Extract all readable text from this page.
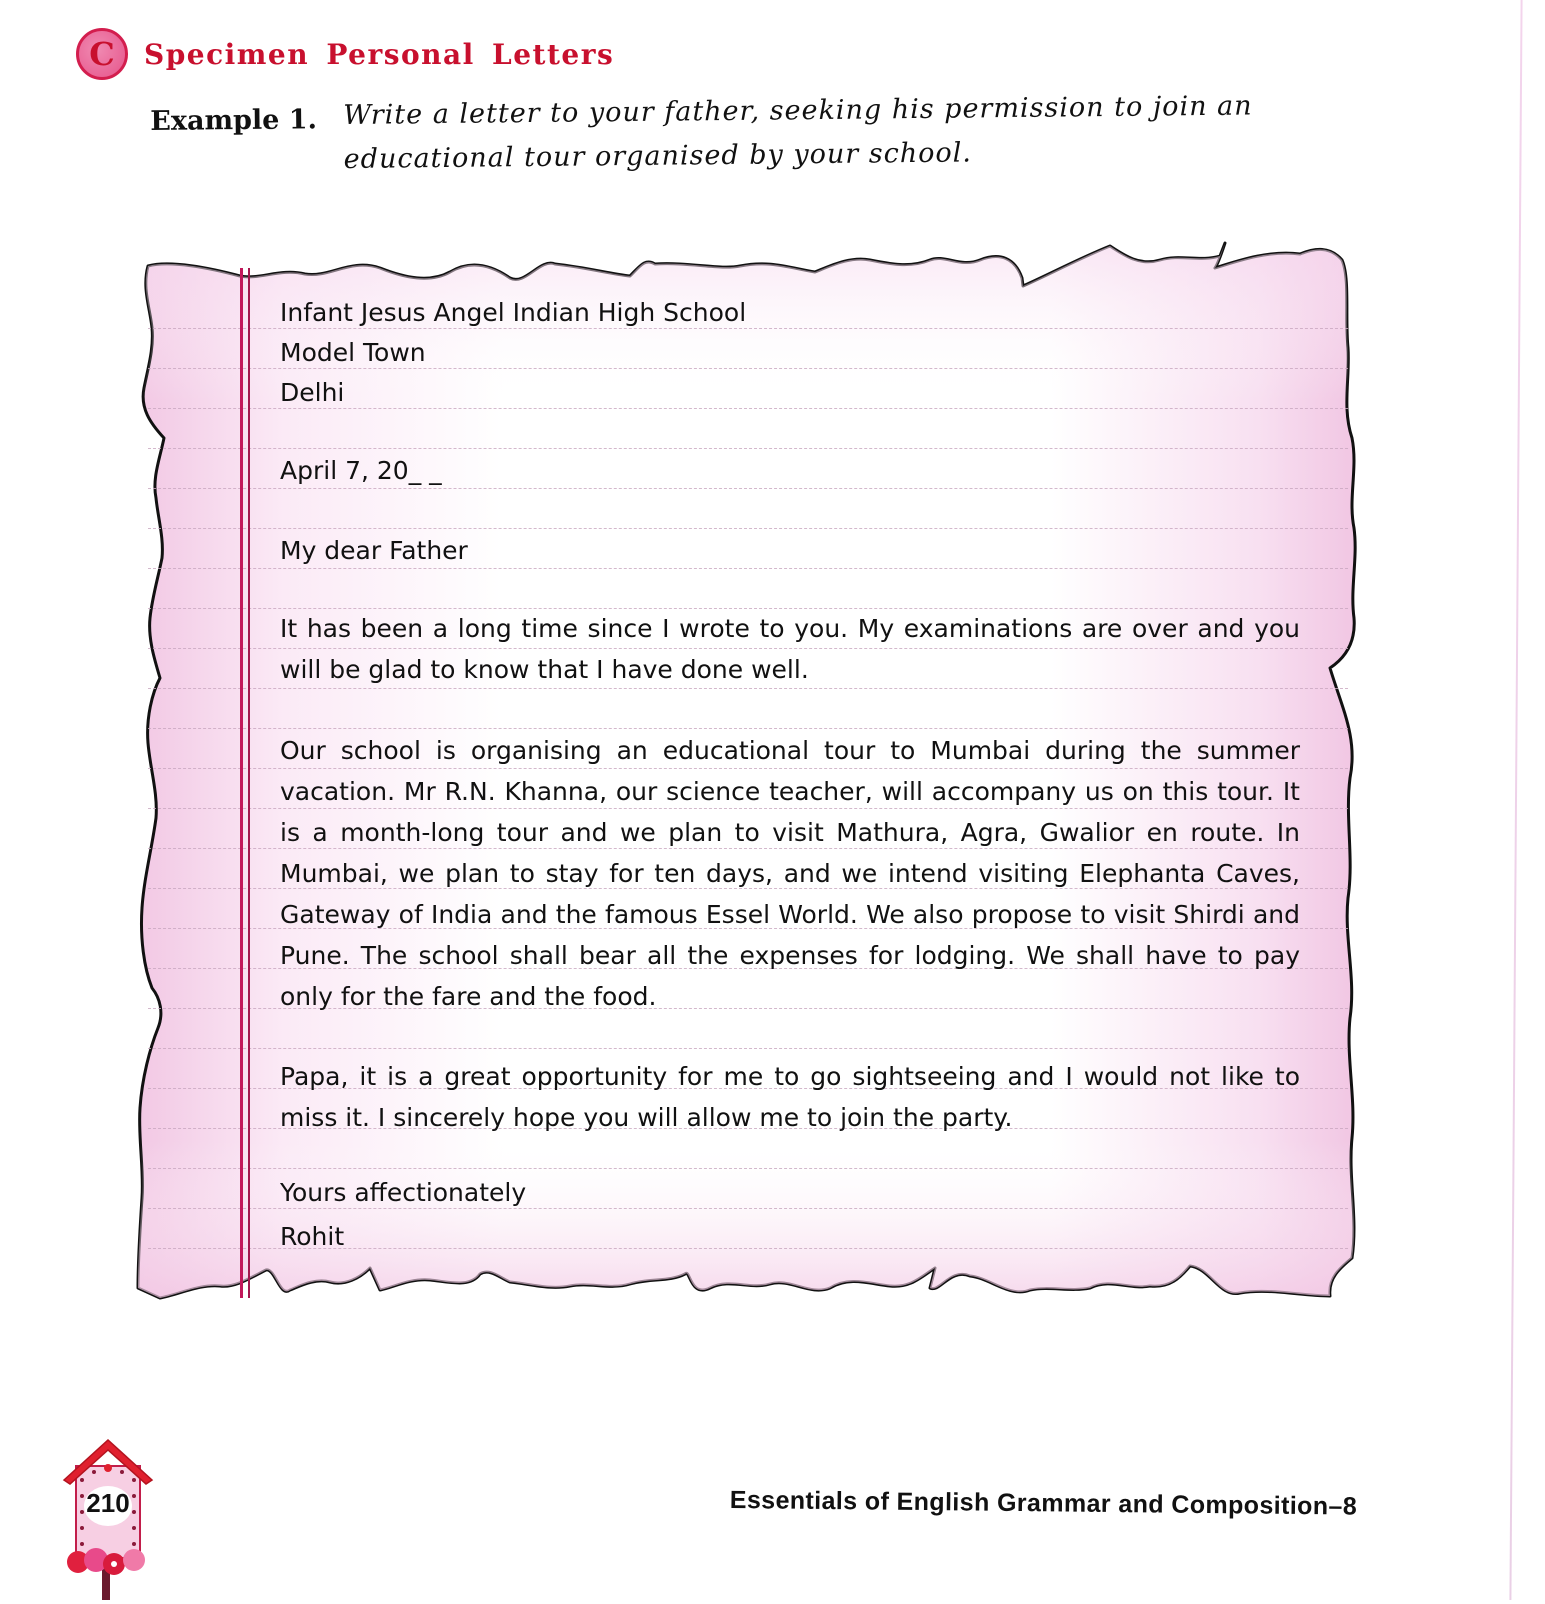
C	Specimen Personal Letters
Example 1. Write a letter to your father, seeking his permission to join an educational tour organised by your school.
Infant Jesus Angel Indian High School
Model Town
Delhi
April 7, 20_ _
My dear Father
It has been a long time since I wrote to you. My examinations are over and you will be glad to know that I have done well.
Our school is organising an educational tour to Mumbai during the summer vacation. Mr R.N. Khanna, our science teacher, will accompany us on this tour. It is a month-long tour and we plan to visit Mathura, Agra, Gwalior en route. In Mumbai, we plan to stay for ten days, and we intend visiting Elephanta Caves, Gateway of India and the famous Essel World. We also propose to visit Shirdi and Pune. The school shall bear all the expenses for lodging. We shall have to pay only for the fare and the food.
Papa, it is a great opportunity for me to go sightseeing and I would not like to miss it. I sincerely hope you will allow me to join the party.
Yours affectionately
Rohit
210	Essentials of English Grammar and Composition–8
